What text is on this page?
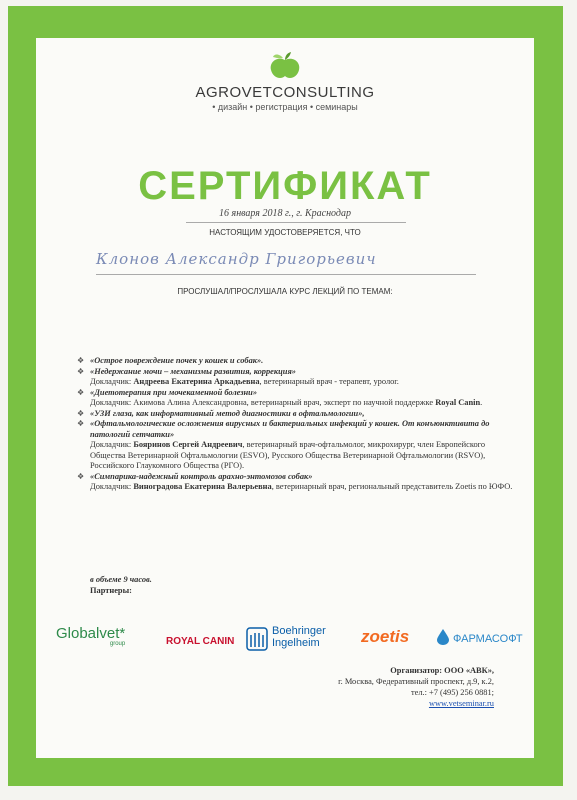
AGROVETCONSULTING
• дизайн • регистрация • семинары
СЕРТИФИКАТ
16 января 2018 г., г. Краснодар
НАСТОЯЩИМ УДОСТОВЕРЯЕТСЯ, ЧТО
Клонов Александр Григорьевич
ПРОСЛУШАЛ/ПРОСЛУШАЛА КУРС ЛЕКЦИЙ ПО ТЕМАМ:
❖ «Острое повреждение почек у кошек и собак».
❖ «Недержание мочи – механизмы развития, коррекция»
Докладчик: Андреева Екатерина Аркадьевна, ветеринарный врач - терапевт, уролог.
❖ «Диетотерапия при мочекаменной болезни»
Докладчик: Акимова Алина Александровна, ветеринарный врач, эксперт по научной поддержке Royal Canin.
❖ «УЗИ глаза, как информативный метод диагностики в офтальмологии»,
❖ «Офтальмологические осложнения вирусных и бактериальных инфекций у кошек. От конъюнктивита до патологий сетчатки»
Докладчик: Бояринов Сергей Андреевич, ветеринарный врач-офтальмолог, микрохирург, член Европейского Общества Ветеринарной Офтальмологии (ESVO), Русского Общества Ветеринарной Офтальмологии (RSVO), Российского Глаукомного Общества (РГО).
❖ «Симпарика-надежный контроль арахно-энтомозов собак»
Докладчик: Виноградова Екатерина Валерьевна, ветеринарный врач, региональный представитель Zoetis по ЮФО.
в объеме 9 часов.
Партнеры:
Globalvet*
group	ROYAL CANIN
Boehringer
Ingelheim	zoetis	ФАРМАСОФТ
Организатор: ООО «АВК»,
г. Москва, Федеративный проспект, д.9, к.2,
тел.: +7 (495) 256 0881;
www.vetseminar.ru
